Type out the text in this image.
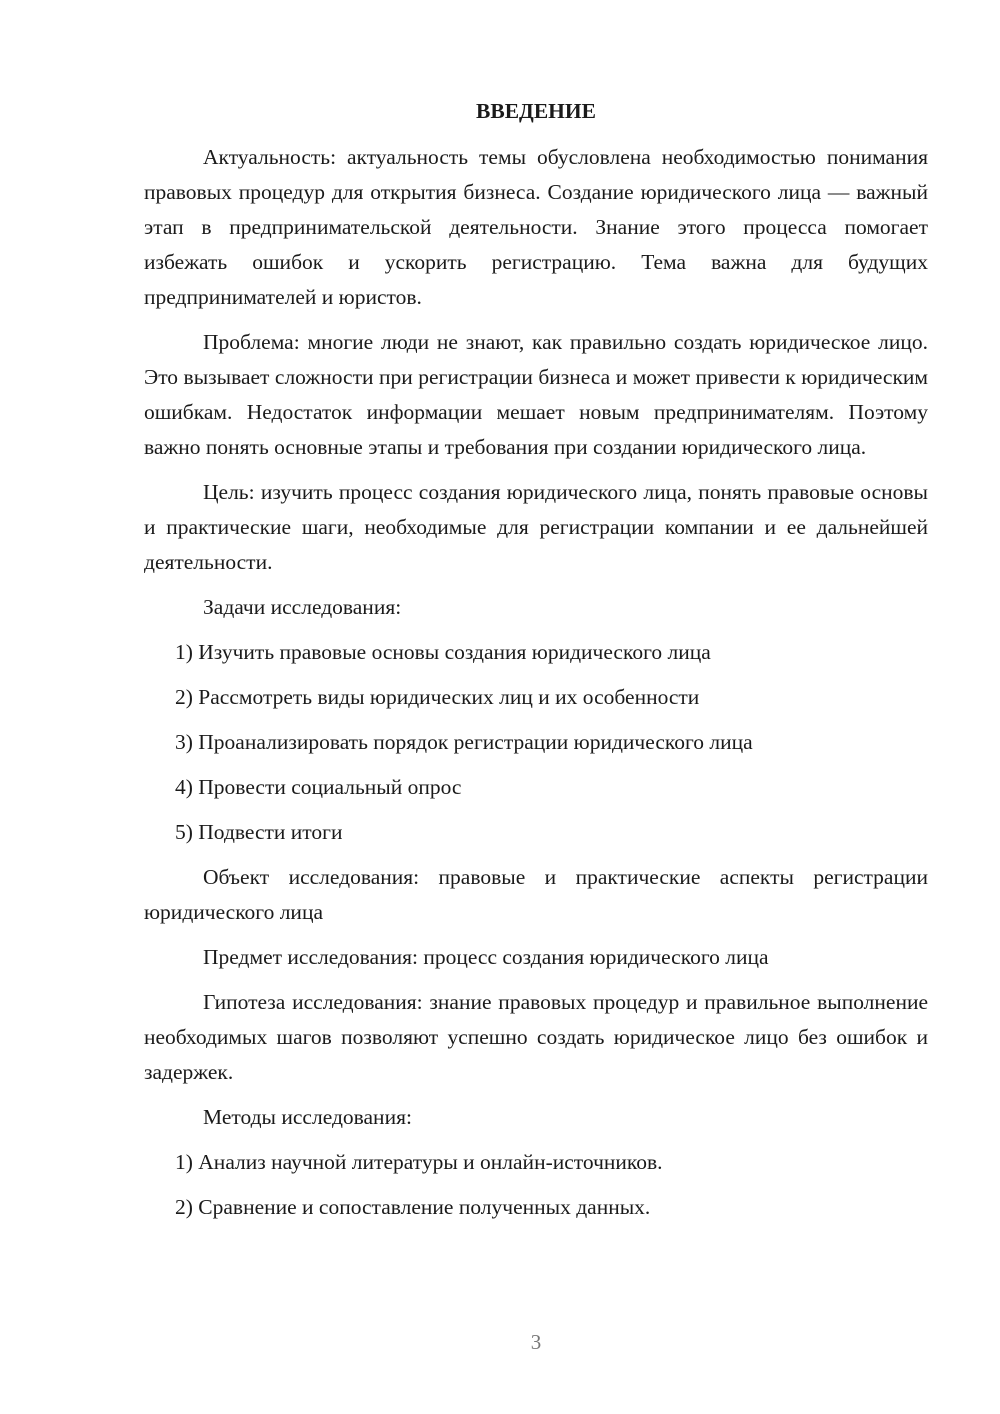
ВВЕДЕНИЕ

Актуальность: актуальность темы обусловлена необходимостью понимания правовых процедур для открытия бизнеса. Создание юридического лица — важный этап в предпринимательской деятельности. Знание этого процесса помогает избежать ошибок и ускорить регистрацию. Тема важна для будущих предпринимателей и юристов.

Проблема: многие люди не знают, как правильно создать юридическое лицо. Это вызывает сложности при регистрации бизнеса и может привести к юридическим ошибкам. Недостаток информации мешает новым предпринимателям. Поэтому важно понять основные этапы и требования при создании юридического лица.

Цель: изучить процесс создания юридического лица, понять правовые основы и практические шаги, необходимые для регистрации компании и ее дальнейшей деятельности.

Задачи исследования:

1) Изучить правовые основы создания юридического лица

2) Рассмотреть виды юридических лиц и их особенности

3) Проанализировать порядок регистрации юридического лица

4) Провести социальный опрос

5) Подвести итоги

Объект исследования: правовые и практические аспекты регистрации юридического лица

Предмет исследования: процесс создания юридического лица

Гипотеза исследования: знание правовых процедур и правильное выполнение необходимых шагов позволяют успешно создать юридическое лицо без ошибок и задержек.

Методы исследования:

1) Анализ научной литературы и онлайн-источников.

2) Сравнение и сопоставление полученных данных.

3
